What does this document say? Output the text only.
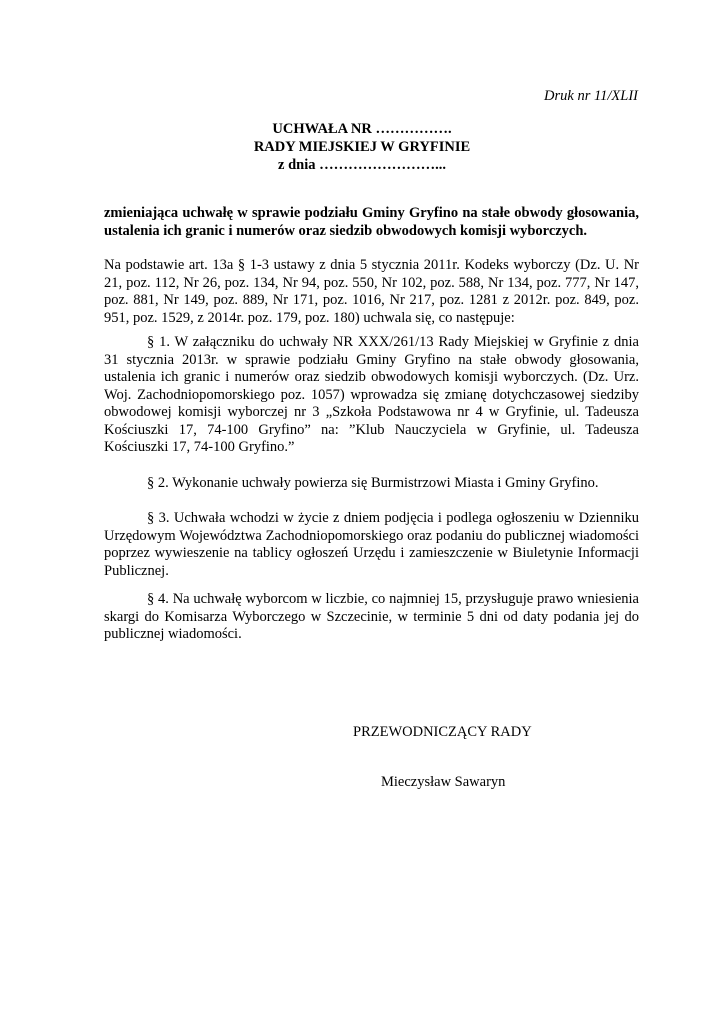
Druk nr 11/XLII
UCHWAŁA NR …………….
RADY MIEJSKIEJ W GRYFINIE
z dnia ……………………...
zmieniająca uchwałę w sprawie podziału Gminy Gryfino na stałe obwody głosowania, ustalenia ich granic i numerów oraz siedzib obwodowych komisji wyborczych.
Na podstawie art. 13a § 1-3 ustawy z dnia 5 stycznia 2011r. Kodeks wyborczy (Dz. U. Nr 21, poz. 112, Nr 26, poz. 134, Nr 94, poz. 550, Nr 102, poz. 588, Nr 134, poz. 777, Nr 147, poz. 881, Nr 149, poz. 889, Nr 171, poz. 1016, Nr 217, poz. 1281 z 2012r. poz. 849, poz. 951, poz. 1529, z 2014r. poz. 179, poz. 180) uchwala się, co następuje:
§ 1. W załączniku do uchwały NR XXX/261/13 Rady Miejskiej w Gryfinie z dnia 31 stycznia 2013r. w sprawie podziału Gminy Gryfino na stałe obwody głosowania, ustalenia ich granic i numerów oraz siedzib obwodowych komisji wyborczych. (Dz. Urz. Woj. Zachodniopomorskiego poz. 1057) wprowadza się zmianę dotychczasowej siedziby obwodowej komisji wyborczej nr 3 „Szkoła Podstawowa nr 4 w Gryfinie, ul. Tadeusza Kościuszki 17, 74-100 Gryfino” na: ”Klub Nauczyciela w Gryfinie, ul. Tadeusza Kościuszki 17, 74-100 Gryfino.”
§ 2. Wykonanie uchwały powierza się Burmistrzowi Miasta i Gminy Gryfino.
§ 3. Uchwała wchodzi w życie z dniem podjęcia i podlega ogłoszeniu w Dzienniku Urzędowym Województwa Zachodniopomorskiego oraz podaniu do publicznej wiadomości poprzez wywieszenie na tablicy ogłoszeń Urzędu i zamieszczenie w Biuletynie Informacji Publicznej.
§ 4. Na uchwałę wyborcom w liczbie, co najmniej 15, przysługuje prawo wniesienia skargi do Komisarza Wyborczego w Szczecinie, w terminie 5 dni od daty podania jej do publicznej wiadomości.
PRZEWODNICZĄCY RADY
Mieczysław Sawaryn
